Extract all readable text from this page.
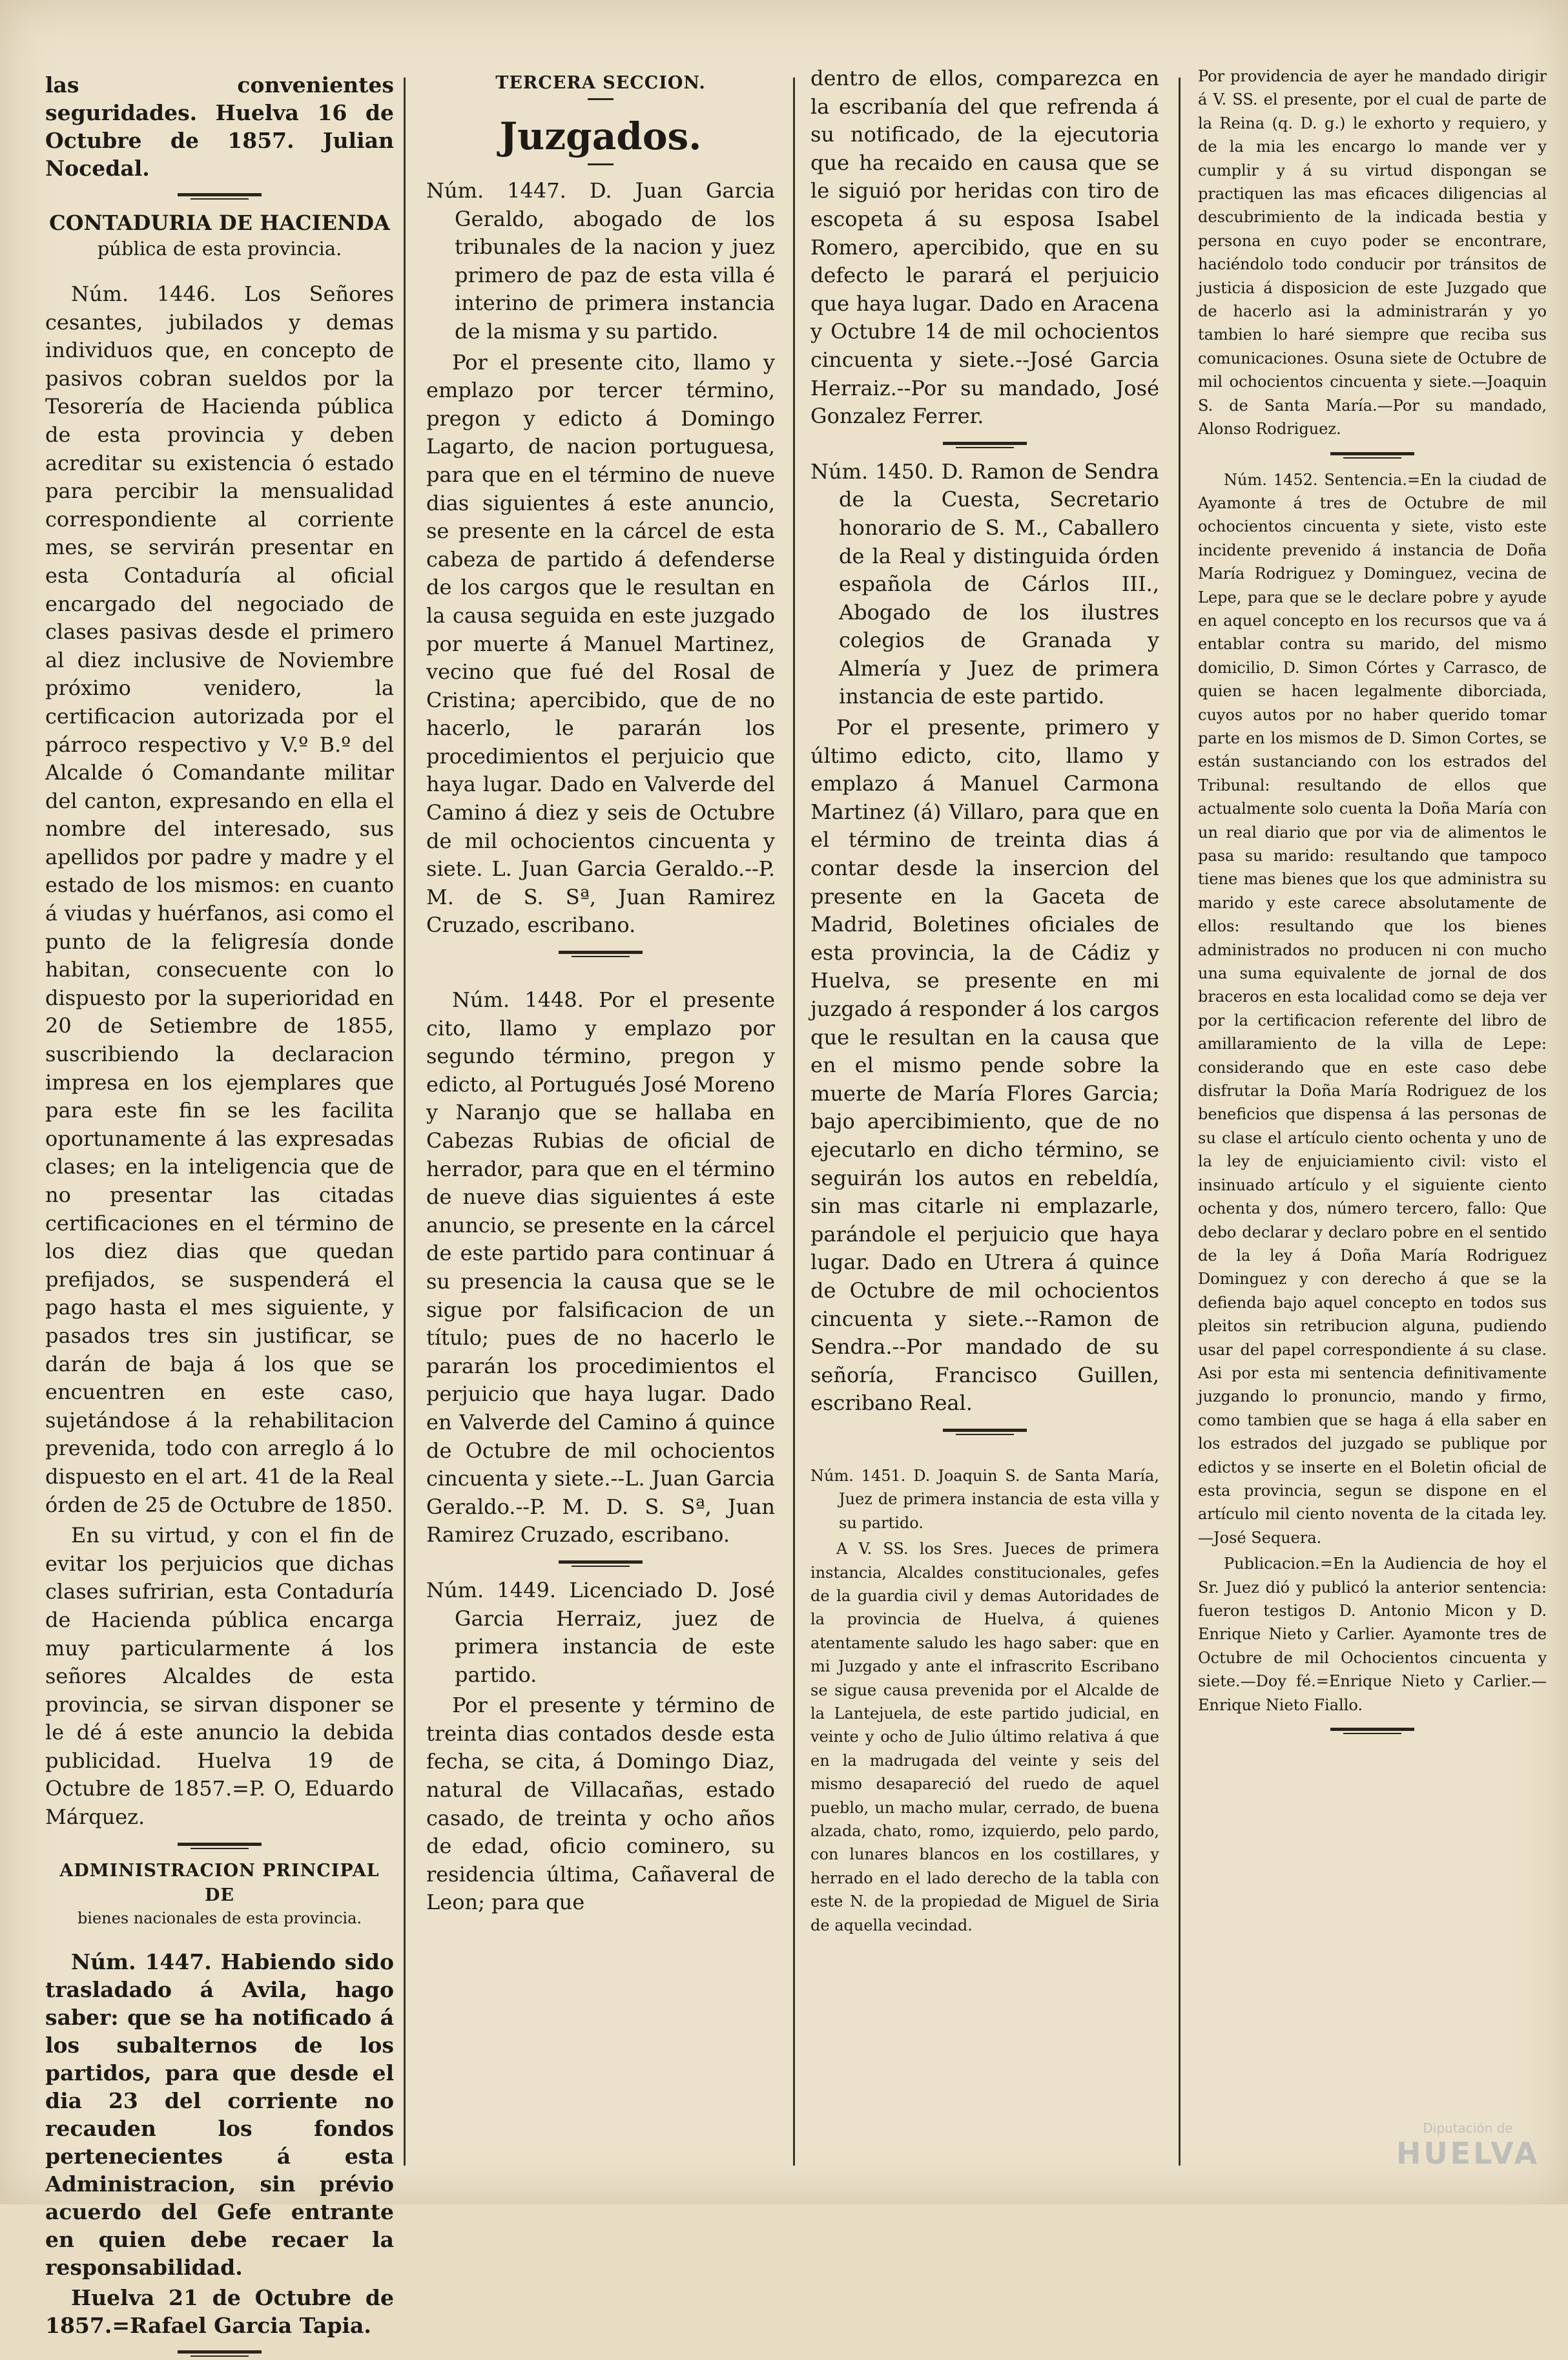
las convenientes seguridades. Huelva 16 de Octubre de 1857. Julian Nocedal.

CONTADURIA DE HACIENDA
pública de esta provincia.

Núm. 1446. Los Señores cesantes, jubilados y demas individuos que, en concepto de pasivos cobran sueldos por la Tesorería de Hacienda pública de esta provincia y deben acreditar su existencia ó estado para percibir la mensualidad correspondiente al corriente mes, se servirán presentar en esta Contaduría al oficial encargado del negociado de clases pasivas desde el primero al diez inclusive de Noviembre próximo venidero, la certificacion autorizada por el párroco respectivo y V.º B.º del Alcalde ó Comandante militar del canton, expresando en ella el nombre del interesado, sus apellidos por padre y madre y el estado de los mismos: en cuanto á viudas y huérfanos, asi como el punto de la feligresía donde habitan, consecuente con lo dispuesto por la superioridad en 20 de Setiembre de 1855, suscribiendo la declaracion impresa en los ejemplares que para este fin se les facilita oportunamente á las expresadas clases; en la inteligencia que de no presentar las citadas certificaciones en el término de los diez dias que quedan prefijados, se suspenderá el pago hasta el mes siguiente, y pasados tres sin justificar, se darán de baja á los que se encuentren en este caso, sujetándose á la rehabilitacion prevenida, todo con arreglo á lo dispuesto en el art. 41 de la Real órden de 25 de Octubre de 1850.

En su virtud, y con el fin de evitar los perjuicios que dichas clases sufririan, esta Contaduría de Hacienda pública encarga muy particularmente á los señores Alcaldes de esta provincia, se sirvan disponer se le dé á este anuncio la debida publicidad. Huelva 19 de Octubre de 1857.=P. O, Eduardo Márquez.

ADMINISTRACION PRINCIPAL DE
bienes nacionales de esta provincia.

Núm. 1447. Habiendo sido trasladado á Avila, hago saber: que se ha notificado á los subalternos de los partidos, para que desde el dia 23 del corriente no recauden los fondos pertenecientes á esta Administracion, sin prévio acuerdo del Gefe entrante en quien debe recaer la responsabilidad.

Huelva 21 de Octubre de 1857.=Rafael Garcia Tapia.

TERCERA SECCION.
Juzgados.

Núm. 1447. D. Juan Garcia Geraldo, abogado de los tribunales de la nacion y juez primero de paz de esta villa é interino de primera instancia de la misma y su partido.

Por el presente cito, llamo y emplazo por tercer término, pregon y edicto á Domingo Lagarto, de nacion portuguesa, para que en el término de nueve dias siguientes á este anuncio, se presente en la cárcel de esta cabeza de partido á defenderse de los cargos que le resultan en la causa seguida en este juzgado por muerte á Manuel Martinez, vecino que fué del Rosal de Cristina; apercibido, que de no hacerlo, le pararán los procedimientos el perjuicio que haya lugar. Dado en Valverde del Camino á diez y seis de Octubre de mil ochocientos cincuenta y siete. L. Juan Garcia Geraldo.--P. M. de S. Sª, Juan Ramirez Cruzado, escribano.

Núm. 1448. Por el presente cito, llamo y emplazo por segundo término, pregon y edicto, al Portugués José Moreno y Naranjo que se hallaba en Cabezas Rubias de oficial de herrador, para que en el término de nueve dias siguientes á este anuncio, se presente en la cárcel de este partido para continuar á su presencia la causa que se le sigue por falsificacion de un título; pues de no hacerlo le pararán los procedimientos el perjuicio que haya lugar. Dado en Valverde del Camino á quince de Octubre de mil ochocientos cincuenta y siete.--L. Juan Garcia Geraldo.--P. M. D. S. Sª, Juan Ramirez Cruzado, escribano.

Núm. 1449. Licenciado D. José Garcia Herraiz, juez de primera instancia de este partido.

Por el presente y término de treinta dias contados desde esta fecha, se cita, á Domingo Diaz, natural de Villacañas, estado casado, de treinta y ocho años de edad, oficio cominero, su residencia última, Cañaveral de Leon; para que

dentro de ellos, comparezca en la escribanía del que refrenda á su notificado, de la ejecutoria que ha recaido en causa que se le siguió por heridas con tiro de escopeta á su esposa Isabel Romero, apercibido, que en su defecto le parará el perjuicio que haya lugar. Dado en Aracena y Octubre 14 de mil ochocientos cincuenta y siete.--José Garcia Herraiz.--Por su mandado, José Gonzalez Ferrer.

Núm. 1450. D. Ramon de Sendra de la Cuesta, Secretario honorario de S. M., Caballero de la Real y distinguida órden española de Cárlos III., Abogado de los ilustres colegios de Granada y Almería y Juez de primera instancia de este partido.

Por el presente, primero y último edicto, cito, llamo y emplazo á Manuel Carmona Martinez (á) Villaro, para que en el término de treinta dias á contar desde la insercion del presente en la Gaceta de Madrid, Boletines oficiales de esta provincia, la de Cádiz y Huelva, se presente en mi juzgado á responder á los cargos que le resultan en la causa que en el mismo pende sobre la muerte de María Flores Garcia; bajo apercibimiento, que de no ejecutarlo en dicho término, se seguirán los autos en rebeldía, sin mas citarle ni emplazarle, parándole el perjuicio que haya lugar. Dado en Utrera á quince de Octubre de mil ochocientos cincuenta y siete.--Ramon de Sendra.--Por mandado de su señoría, Francisco Guillen, escribano Real.

Núm. 1451. D. Joaquin S. de Santa María, Juez de primera instancia de esta villa y su partido.

A V. SS. los Sres. Jueces de primera instancia, Alcaldes constitucionales, gefes de la guardia civil y demas Autoridades de la provincia de Huelva, á quienes atentamente saludo les hago saber: que en mi Juzgado y ante el infrascrito Escribano se sigue causa prevenida por el Alcalde de la Lantejuela, de este partido judicial, en veinte y ocho de Julio último relativa á que en la madrugada del veinte y seis del mismo desapareció del ruedo de aquel pueblo, un macho mular, cerrado, de buena alzada, chato, romo, izquierdo, pelo pardo, con lunares blancos en los costillares, y herrado en el lado derecho de la tabla con este N. de la propiedad de Miguel de Siria de aquella vecindad.

Por providencia de ayer he mandado dirigir á V. SS. el presente, por el cual de parte de la Reina (q. D. g.) le exhorto y requiero, y de la mia les encargo lo mande ver y cumplir y á su virtud dispongan se practiquen las mas eficaces diligencias al descubrimiento de la indicada bestia y persona en cuyo poder se encontrare, haciéndolo todo conducir por tránsitos de justicia á disposicion de este Juzgado que de hacerlo asi la administrarán y yo tambien lo haré siempre que reciba sus comunicaciones. Osuna siete de Octubre de mil ochocientos cincuenta y siete.—Joaquin S. de Santa María.—Por su mandado, Alonso Rodriguez.

Núm. 1452. Sentencia.=En la ciudad de Ayamonte á tres de Octubre de mil ochocientos cincuenta y siete, visto este incidente prevenido á instancia de Doña María Rodriguez y Dominguez, vecina de Lepe, para que se le declare pobre y ayude en aquel concepto en los recursos que va á entablar contra su marido, del mismo domicilio, D. Simon Córtes y Carrasco, de quien se hacen legalmente diborciada, cuyos autos por no haber querido tomar parte en los mismos de D. Simon Cortes, se están sustanciando con los estrados del Tribunal: resultando de ellos que actualmente solo cuenta la Doña María con un real diario que por via de alimentos le pasa su marido: resultando que tampoco tiene mas bienes que los que administra su marido y este carece absolutamente de ellos: resultando que los bienes administrados no producen ni con mucho una suma equivalente de jornal de dos braceros en esta localidad como se deja ver por la certificacion referente del libro de amillaramiento de la villa de Lepe: considerando que en este caso debe disfrutar la Doña María Rodriguez de los beneficios que dispensa á las personas de su clase el artículo ciento ochenta y uno de la ley de enjuiciamiento civil: visto el insinuado artículo y el siguiente ciento ochenta y dos, número tercero, fallo: Que debo declarar y declaro pobre en el sentido de la ley á Doña María Rodriguez Dominguez y con derecho á que se la defienda bajo aquel concepto en todos sus pleitos sin retribucion alguna, pudiendo usar del papel correspondiente á su clase. Asi por esta mi sentencia definitivamente juzgando lo pronuncio, mando y firmo, como tambien que se haga á ella saber en los estrados del juzgado se publique por edictos y se inserte en el Boletin oficial de esta provincia, segun se dispone en el artículo mil ciento noventa de la citada ley.—José Sequera.

Publicacion.=En la Audiencia de hoy el Sr. Juez dió y publicó la anterior sentencia: fueron testigos D. Antonio Micon y D. Enrique Nieto y Carlier. Ayamonte tres de Octubre de mil Ochocientos cincuenta y siete.—Doy fé.=Enrique Nieto y Carlier.—Enrique Nieto Fiallo.

Diputación de
HUELVA
